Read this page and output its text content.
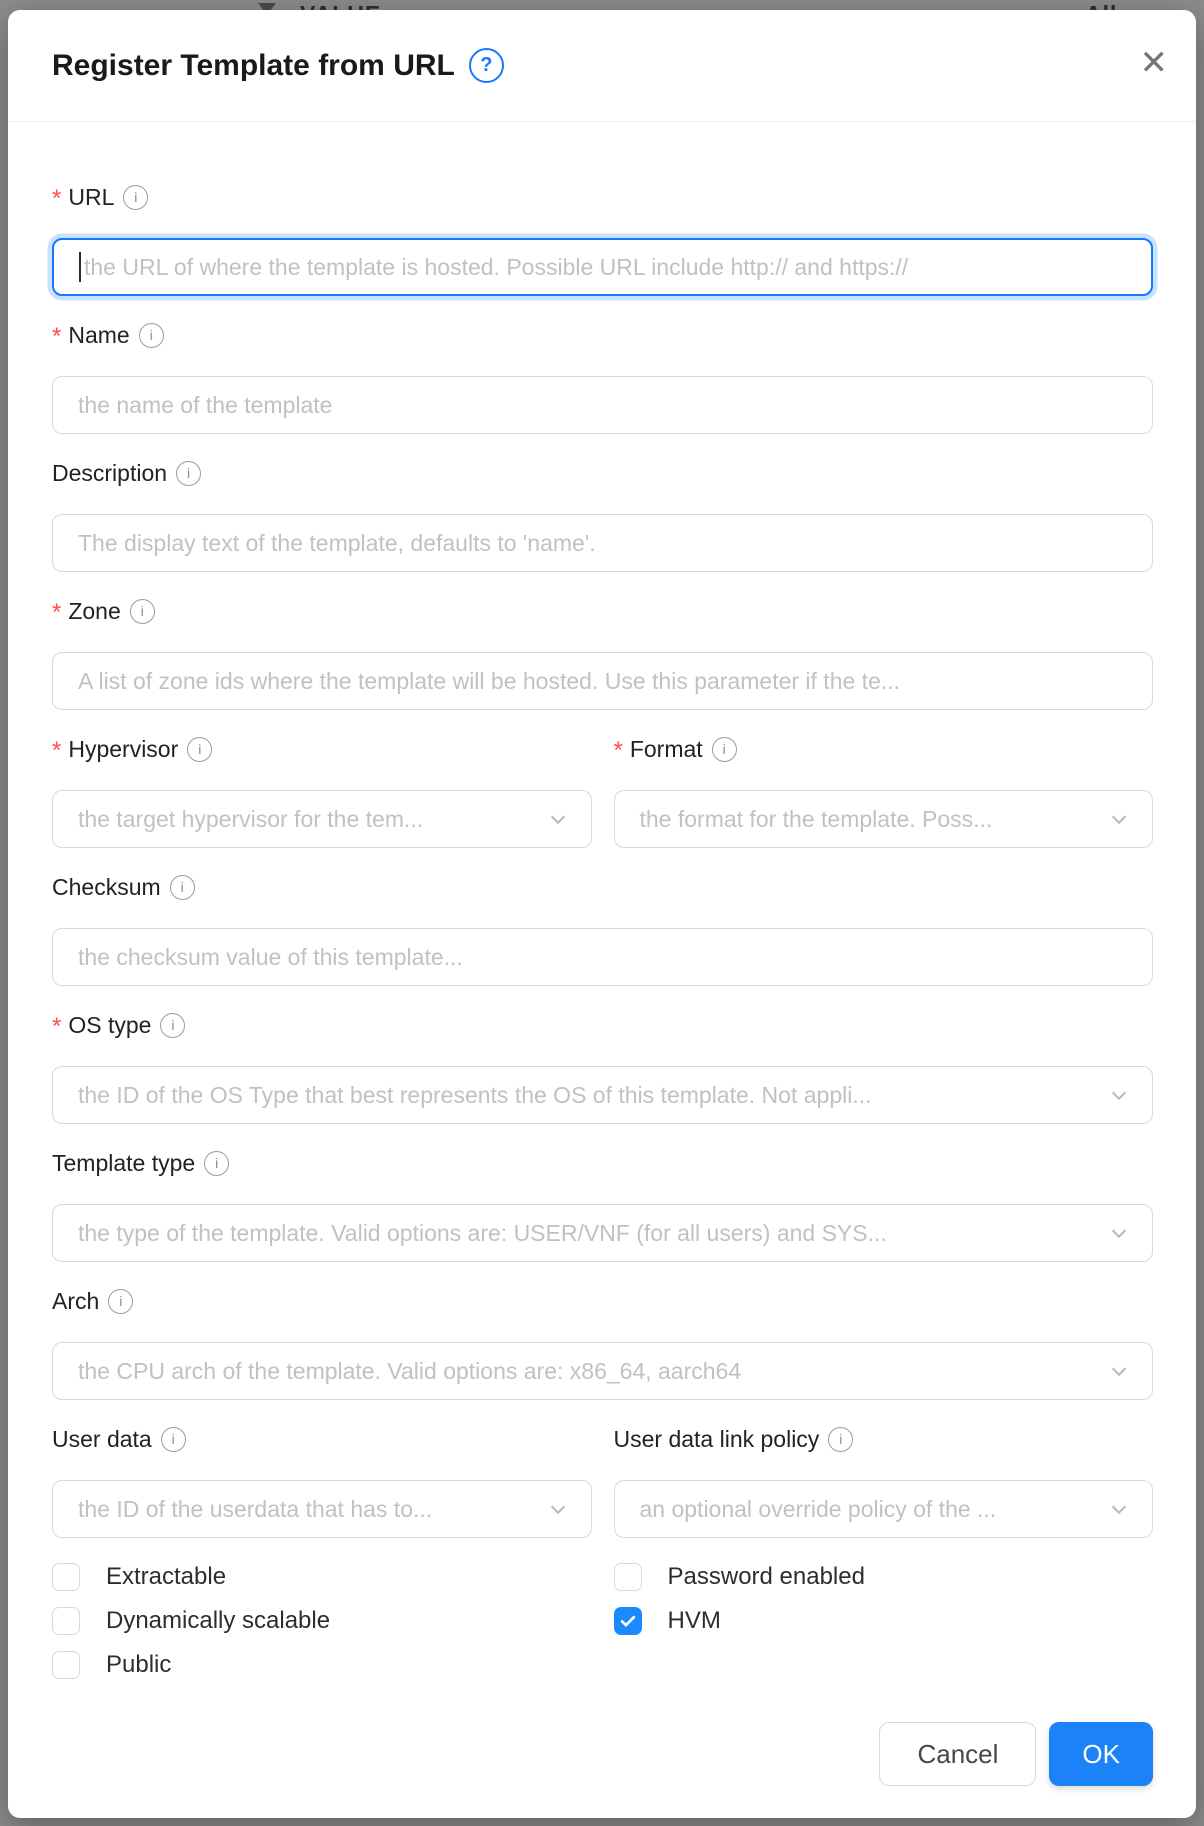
Register Template from URL	?	✕
* URL	i
the URL of where the template is hosted. Possible URL include http:// and https://
* Name	i
the name of the template
Description	i
The display text of the template, defaults to 'name'.
* Zone	i
A list of zone ids where the template will be hosted. Use this parameter if the te...
* Hypervisor	i
the target hypervisor for the tem...
* Format	i
the format for the template. Poss...
Checksum	i
the checksum value of this template...
* OS type	i
the ID of the OS Type that best represents the OS of this template. Not appli...
Template type	i
the type of the template. Valid options are: USER/VNF (for all users) and SYS...
Arch	i
the CPU arch of the template. Valid options are: x86_64, aarch64
User data	i
the ID of the userdata that has to...
User data link policy	i
an optional override policy of the ...
Extractable
Dynamically scalable
Public
Password enabled
HVM
Cancel	OK
